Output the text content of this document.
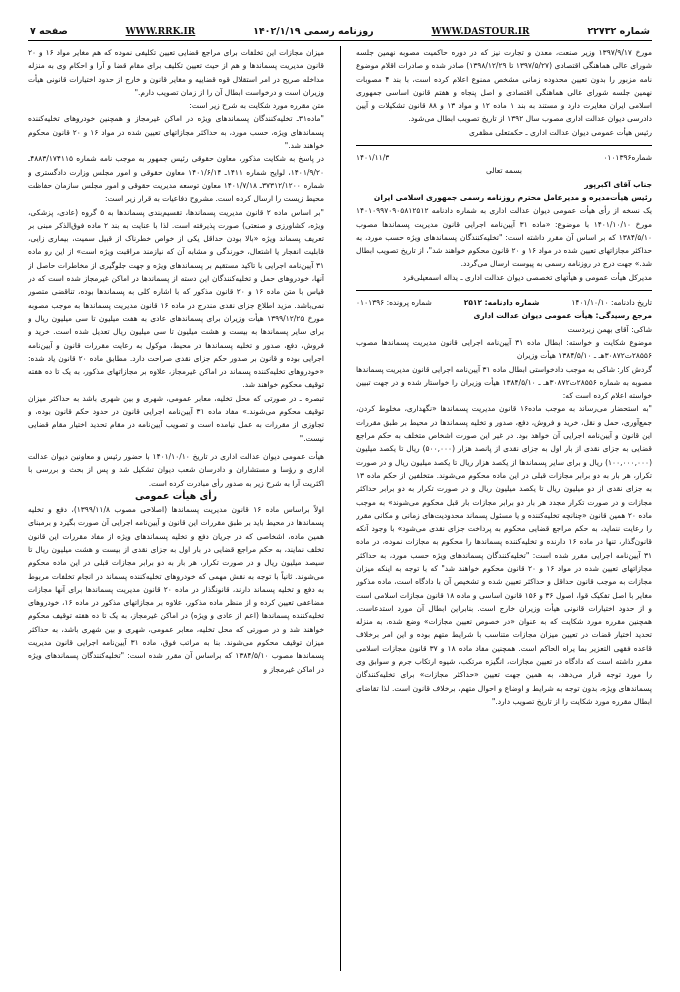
شماره ۲۲۷۳۲
WWW.DASTOUR.IR
روزنامه رسمی ۱۴۰۲/۱/۱۹
WWW.RRK.IR
صفحه ۷

مورخ ۱۳۹۷/۹/۱۷ وزیر صنعت، معدن و تجارت نیز که در دوره حاکمیت مصوبه نهمین جلسه شورای عالی هماهنگی اقتصادی (۱۳۹۷/۵/۲۷ تا ۱۳۹۸/۱۲/۲۹) صادر شده و صادرات اقلام موضوع نامه مزبور را بدون تعیین محدوده زمانی مشخص ممنوع اعلام کرده است، با بند ۴ مصوبات نهمین جلسه شورای عالی هماهنگی اقتصادی و اصل پنجاه و هفتم قانون اساسی جمهوری اسلامی ایران مغایرت دارد و مستند به بند ۱ ماده ۱۲ و مواد ۱۳ و ۸۸ قانون تشکیلات و آیین دادرسی دیوان عدالت اداری مصوب سال ۱۳۹۲ از تاریخ تصویب ابطال می‌شود.

رئیس هیأت عمومی دیوان عدالت اداری ـ حکمتعلی مظفری

شماره۰۱۰۱۳۹۶
۱۴۰۱/۱۱/۳

بسمه تعالی

جناب آقای اکبرپور

رئیس هیأت‌مدیره و مدیرعامل محترم روزنامه رسمی جمهوری اسلامی ایران

یک نسخه از رأی هیأت عمومی دیوان عدالت اداری به شماره دادنامه ۱۴۰۱۰۹۹۷۰۹۰۵۸۱۲۵۱۲ مورخ ۱۴۰۱/۱۰/۱۰ با موضوع: «ماده ۳۱ آیین‌نامه اجرایی قانون مدیریت پسماندها مصوب ۱۳۸۴/۵/۱۰ که بر اساس آن مقرر داشته است: "تخلیه‌کنندگان پسماندهای ویژه حسب مورد، به حداکثر مجازاتهای تعیین شده در مواد ۱۶ و ۲۰ قانون محکوم خواهند شد"، از تاریخ تصویب ابطال شد.» جهت درج در روزنامه رسمی به پیوست ارسال می‌گردد.

مدیرکل هیأت عمومی و هیأتهای تخصصی دیوان عدالت اداری ـ یداله اسمعیلی‌فرد

تاریخ دادنامه: ۱۴۰۱/۱۰/۱۰
شماره دادنامه: ۲۵۱۲
شماره پرونده: ۰۱۰۱۳۹۶

مرجع رسیدگی: هیأت عمومی دیوان عدالت اداری

شاکی: آقای بهمن زبردست

موضوع شکایت و خواسته: ابطال ماده ۳۱ آیین‌نامه اجرایی قانون مدیریت پسماندها مصوب ۲۸۵۵۶ت۳۰۸۷۲هـ ـ ۱۳۸۴/۵/۱۰ هیأت وزیران

گردش کار: شاکی به موجب دادخواستی ابطال ماده ۳۱ آیین‌نامه اجرایی قانون مدیریت پسماندها مصوبه به شماره ۲۸۵۵۶ت۳۰۸۷۲هـ ـ ۱۳۸۴/۵/۱۰ هیأت وزیران را خواستار شده و در جهت تبیین خواسته اعلام کرده است که:

"به استحضار می‌رساند به موجب ماده۱۶ قانون مدیریت پسماندها «نگهداری، مخلوط کردن، جمع‌آوری، حمل و نقل، خرید و فروش، دفع، صدور و تخلیه پسماندها در محیط بر طبق مقررات این قانون و آیین‌نامه اجرایی آن خواهد بود. در غیر این صورت اشخاص متخلف به حکم مراجع قضایی به جزای نقدی از بار اول به جزای نقدی از پانصد هزار (۵۰۰,۰۰۰) ریال تا یکصد میلیون (۱۰۰,۰۰۰,۰۰۰) ریال و برای سایر پسماندها از یکصد هزار ریال تا یکصد میلیون ریال و در صورت تکرار، هر بار به دو برابر مجازات قبلی در این ماده محکوم می‌شوند. متخلفین از حکم ماده ۱۳ به جزای نقدی از دو میلیون ریال تا یکصد میلیون ریال و در صورت تکرار به دو برابر حداکثر مجازات و در صورت تکرار مجدد هر بار دو برابر مجازات بار قبل محکوم می‌شوند» به موجب ماده ۲۰ همین قانون «چنانچه تخلیه‌کننده و یا مسئول پسماند محدودیت‌های زمانی و مکانی مقرر را رعایت ننماید، به حکم مراجع قضایی محکوم به پرداخت جزای نقدی می‌شود» با وجود آنکه قانون‌گذار، تنها در ماده ۱۶ دارنده و تخلیه‌کننده پسماندها را محکوم به مجازات نموده، در ماده ۳۱ آیین‌نامه اجرایی مقرر شده است: "تخلیه‌کنندگان پسماندهای ویژه حسب مورد، به حداکثر مجازاتهای تعیین شده در مواد ۱۶ و ۲۰ قانون محکوم خواهند شد" که با توجه به اینکه میزان مجازات به موجب قانون حداقل و حداکثر تعیین شده و تشخیص آن با دادگاه است، ماده مذکور مغایر با اصل تفکیک قوا، اصول ۳۶ و ۱۵۶ قانون اساسی و ماده ۱۸ قانون مجازات اسلامی است و از حدود اختیارات قانونی هیأت وزیران خارج است. بنابراین ابطال آن مورد استدعاست. همچنین مقرره مورد شکایت که به عنوان «در خصوص تعیین مجازات» وضع شده، به منزله تحدید اختیار قضات در تعیین میزان مجازات متناسب با شرایط متهم بوده و این امر برخلاف قاعده فقهی التعزیر بما یراه الحاکم است. همچنین مفاد ماده ۱۸ و ۳۷ قانون مجازات اسلامی مقرر داشته است که دادگاه در تعیین مجازات، انگیزه مرتکب، شیوه ارتکاب جرم و سوابق وی را مورد توجه قرار می‌دهد، به همین جهت تعیین «حداکثر مجازات» برای تخلیه‌کنندگان پسماندهای ویژه، بدون توجه به شرایط و اوضاع و احوال متهم، برخلاف قانون است. لذا تقاضای ابطال مقرره مورد شکایت را از تاریخ تصویب دارد."

میزان مجازات این تخلفات برای مراجع قضایی تعیین تکلیفی نموده که هم مغایر مواد ۱۶ و ۲۰ قانون مدیریت پسماندها و هم از حیث تعیین تکلیف برای مقام قضا و آرا و احکام وی به منزله مداخله صریح در امر استقلال قوه قضاییه و مغایر قانون و خارج از حدود اختیارات قانونی هیأت وزیران است و درخواست ابطال آن را از زمان تصویب دارم."

متن مقرره مورد شکایت به شرح زیر است:

"ماده۳۱ـ تخلیه‌کنندگان پسماندهای ویژه در اماکن غیرمجاز و همچنین خودروهای تخلیه‌کننده پسماندهای ویژه، حسب مورد، به حداکثر مجازاتهای تعیین شده در مواد ۱۶ و ۲۰ قانون محکوم خواهند شد."

در پاسخ به شکایت مذکور، معاون حقوقی رئیس جمهور به موجب نامه شماره ۴۸۸۳/۱۷۴۱۱۵ـ ۱۴۰۱/۹/۲۰، لوایح شماره ۱۴۱۱ـ ۱۴۰۱/۶/۱۴ معاون حقوقی و امور مجلس وزارت دادگستری و شماره ۳۷۳۱۲/۱۲۰۰ـ ۱۴۰۱/۷/۱۸ معاون توسعه مدیریت حقوقی و امور مجلس سازمان حفاظت محیط زیست را ارسال کرده است. مشروح دفاعیات به قرار زیر است:

"بر اساس ماده ۲ قانون مدیریت پسماندها، تقسیم‌بندی پسماندها به ۵ گروه (عادی، پزشکی، ویژه، کشاورزی و صنعتی) صورت پذیرفته است. لذا با عنایت به بند ۲ ماده فوق‌الذکر مبنی بر تعریف پسماند ویژه «بالا بودن حداقل یکی از خواص خطرناک از قبیل سمیت، بیماری زایی، قابلیت انفجار یا اشتعال، خورندگی و مشابه آن که نیازمند مراقبت ویژه است» از این رو ماده ۳۱ آیین‌نامه اجرایی با تاکید مستقیم بر پسماندهای ویژه و جهت جلوگیری از مخاطرات حاصل از آنها، خودروهای حمل و تخلیه‌کنندگان این دسته از پسماندها در اماکن غیرمجاز شده است که در قیاس با متن ماده ۱۶ و ۲۰ قانون مذکور که با اشاره کلی به پسماندها بوده، تناقضی متصور نمی‌باشد. مزید اطلاع جزای نقدی مندرج در ماده ۱۶ قانون مدیریت پسماندها به موجب مصوبه مورخ ۱۳۹۹/۱۲/۲۵ هیأت وزیران برای پسماندهای عادی به هفت میلیون تا سی میلیون ریال و برای سایر پسماندها به بیست و هشت میلیون تا سی میلیون ریال تعدیل شده است. خرید و فروش، دفع، صدور و تخلیه پسماندها در محیط، موکول به رعایت مقررات قانون و آیین‌نامه اجرایی بوده و قانون بر صدور حکم جزای نقدی صراحت دارد. مطابق ماده ۲۰ قانون یاد شده: «خودروهای تخلیه‌کننده پسماند در اماکن غیرمجاز، علاوه بر مجازاتهای مذکور، به یک تا ده هفته توقیف محکوم خواهند شد.

تبصره ـ در صورتی که محل تخلیه، معابر عمومی، شهری و بین شهری باشد به حداکثر میزان توقیف محکوم می‌شوند.» مفاد ماده ۳۱ آیین‌نامه اجرایی قانون در حدود حکم قانون بوده، و تجاوزی از مقررات به عمل نیامده است و تصویب آیین‌نامه در مقام تحدید اختیار مقام قضایی نیست."

هیأت عمومی دیوان عدالت اداری در تاریخ ۱۴۰۱/۱۰/۱۰ با حضور رئیس و معاونین دیوان عدالت اداری و رؤسا و مستشاران و دادرسان شعب دیوان تشکیل شد و پس از بحث و بررسی با اکثریت آرا به شرح زیر به صدور رأی مبادرت کرده است.

رأی هیأت عمومی

اولاً براساس ماده ۱۶ قانون مدیریت پسماندها (اصلاحی مصوب ۱۳۹۹/۱۱/۸)، دفع و تخلیه پسماندها در محیط باید بر طبق مقررات این قانون و آیین‌نامه اجرایی آن صورت بگیرد و برمبنای همین ماده، اشخاصی که در جریان دفع و تخلیه پسماندهای ویژه از مفاد مقررات این قانون تخلف نمایند، به حکم مراجع قضایی در بار اول به جزای نقدی از بیست و هشت میلیون ریال تا سیصد میلیون ریال و در صورت تکرار، هر بار به دو برابر مجازات قبلی در این ماده محکوم می‌شوند. ثانیاً با توجه به نقش مهمی که خودروهای تخلیه‌کننده پسماند در انجام تخلفات مربوط به دفع و تخلیه پسماند دارند، قانونگذار در ماده ۲۰ قانون مدیریت پسماندها برای آنها مجازات مضاعفی تعیین کرده و از منظر ماده مذکور، علاوه بر مجازاتهای مذکور در ماده ۱۶، خودروهای تخلیه‌کننده پسماندها (اعم از عادی و ویژه) در اماکن غیرمجاز، به یک تا ده هفته توقیف محکوم خواهند شد و در صورتی که محل تخلیه، معابر عمومی، شهری و بین شهری باشد، به حداکثر میزان توقیف محکوم می‌شوند. بنا به مراتب فوق، ماده ۳۱ آیین‌نامه اجرایی قانون مدیریت پسماندها مصوب ۱۳۸۴/۵/۱۰ که براساس آن مقرر شده است: "تخلیه‌کنندگان پسماندهای ویژه در اماکن غیرمجاز و
